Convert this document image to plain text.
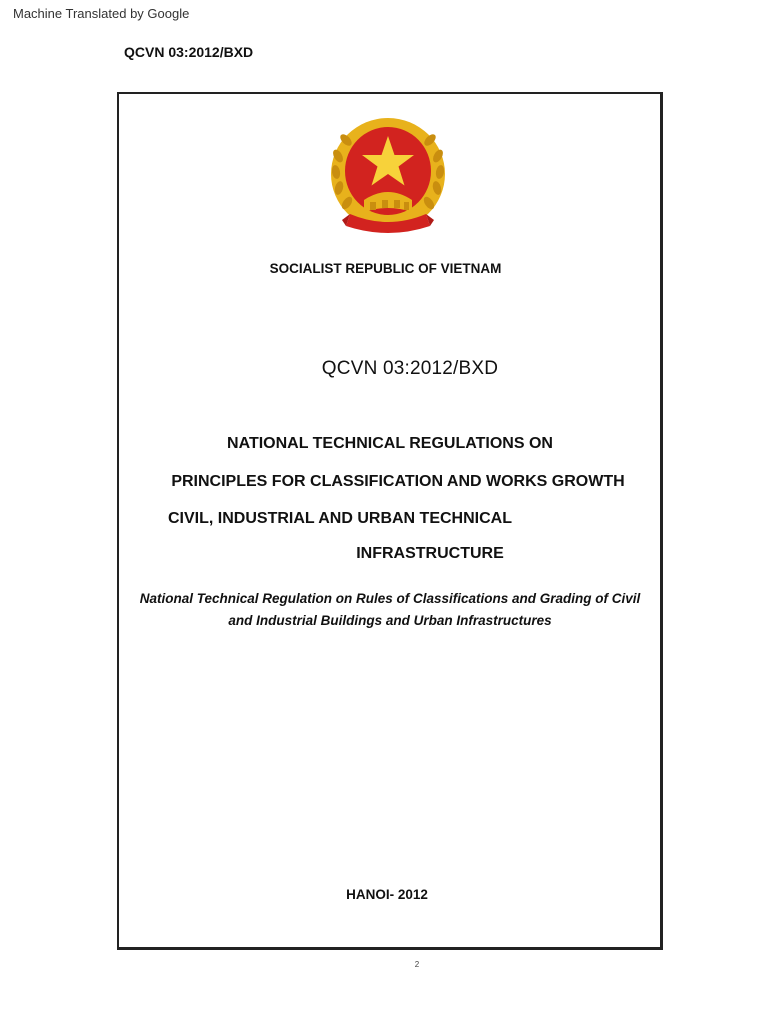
Machine Translated by Google
QCVN 03:2012/BXD
SOCIALIST REPUBLIC OF VIETNAM
QCVN 03:2012/BXD
NATIONAL TECHNICAL REGULATIONS ON
PRINCIPLES FOR CLASSIFICATION AND WORKS GROWTH
CIVIL, INDUSTRIAL AND URBAN TECHNICAL
INFRASTRUCTURE
National Technical Regulation on Rules of Classifications and Grading of Civil
and Industrial Buildings and Urban Infrastructures
HANOI- 2012
2
